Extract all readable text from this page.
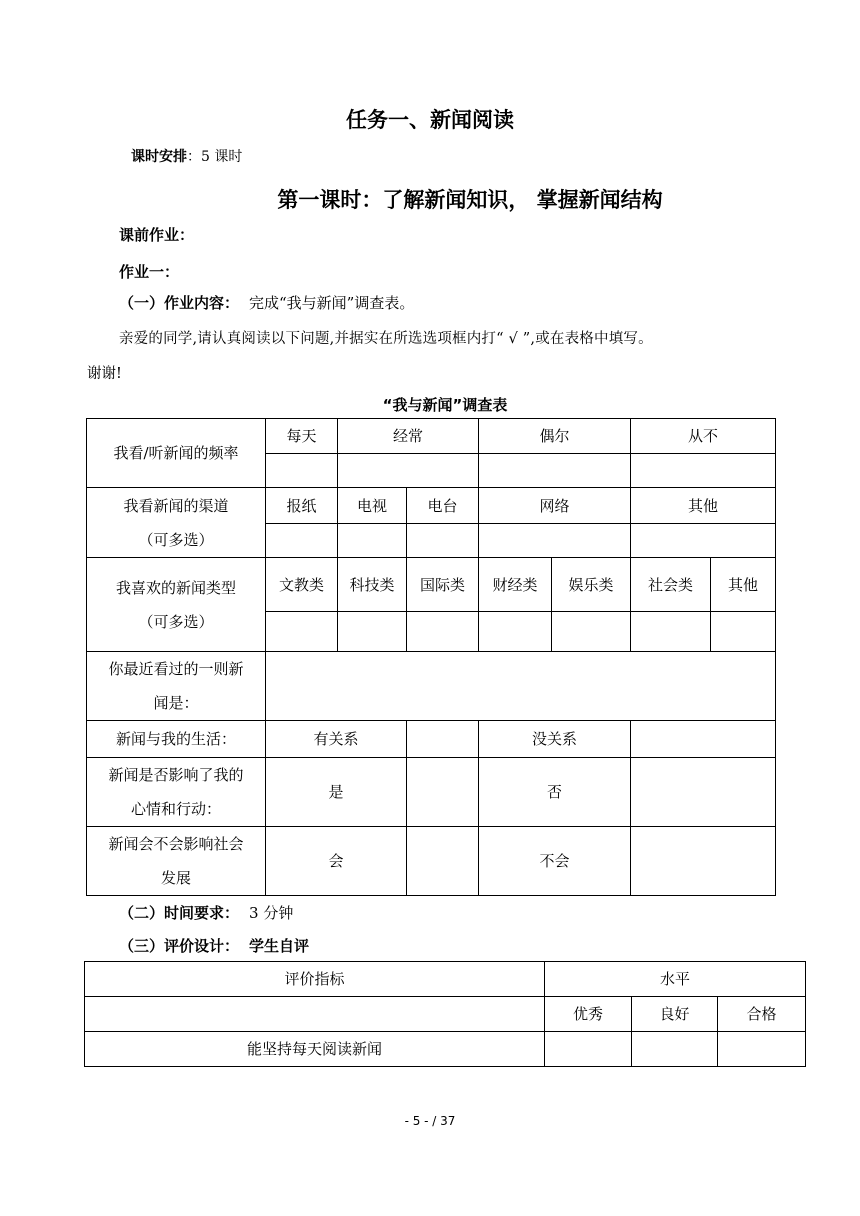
任务一、新闻阅读
课时安排：5 课时
第一课时：了解新闻知识， 掌握新闻结构
课前作业：
作业一：
（一）作业内容： 完成“我与新闻”调查表。
亲爱的同学,请认真阅读以下问题,并据实在所选选项框内打“ √ ”,或在表格中填写。
谢谢!
“我与新闻”调查表
我看/听新闻的频率	每天	经常		偶尔		从不	

我看新闻的渠道
（可多选）	报纸	电视	电台	网络		其他	

我喜欢的新闻类型
（可多选）	文教类	科技类	国际类	财经类	娱乐类	社会类	其他

你最近看过的一则新
闻是：							
新闻与我的生活：	有关系			没关系			
新闻是否影响了我的
心情和行动：	是			否			
新闻会不会影响社会
发展	会			不会			
（二）时间要求： 3 分钟
（三）评价设计： 学生自评
评价指标	水平		
	优秀	良好	合格
能坚持每天阅读新闻			
- 5 - / 37
